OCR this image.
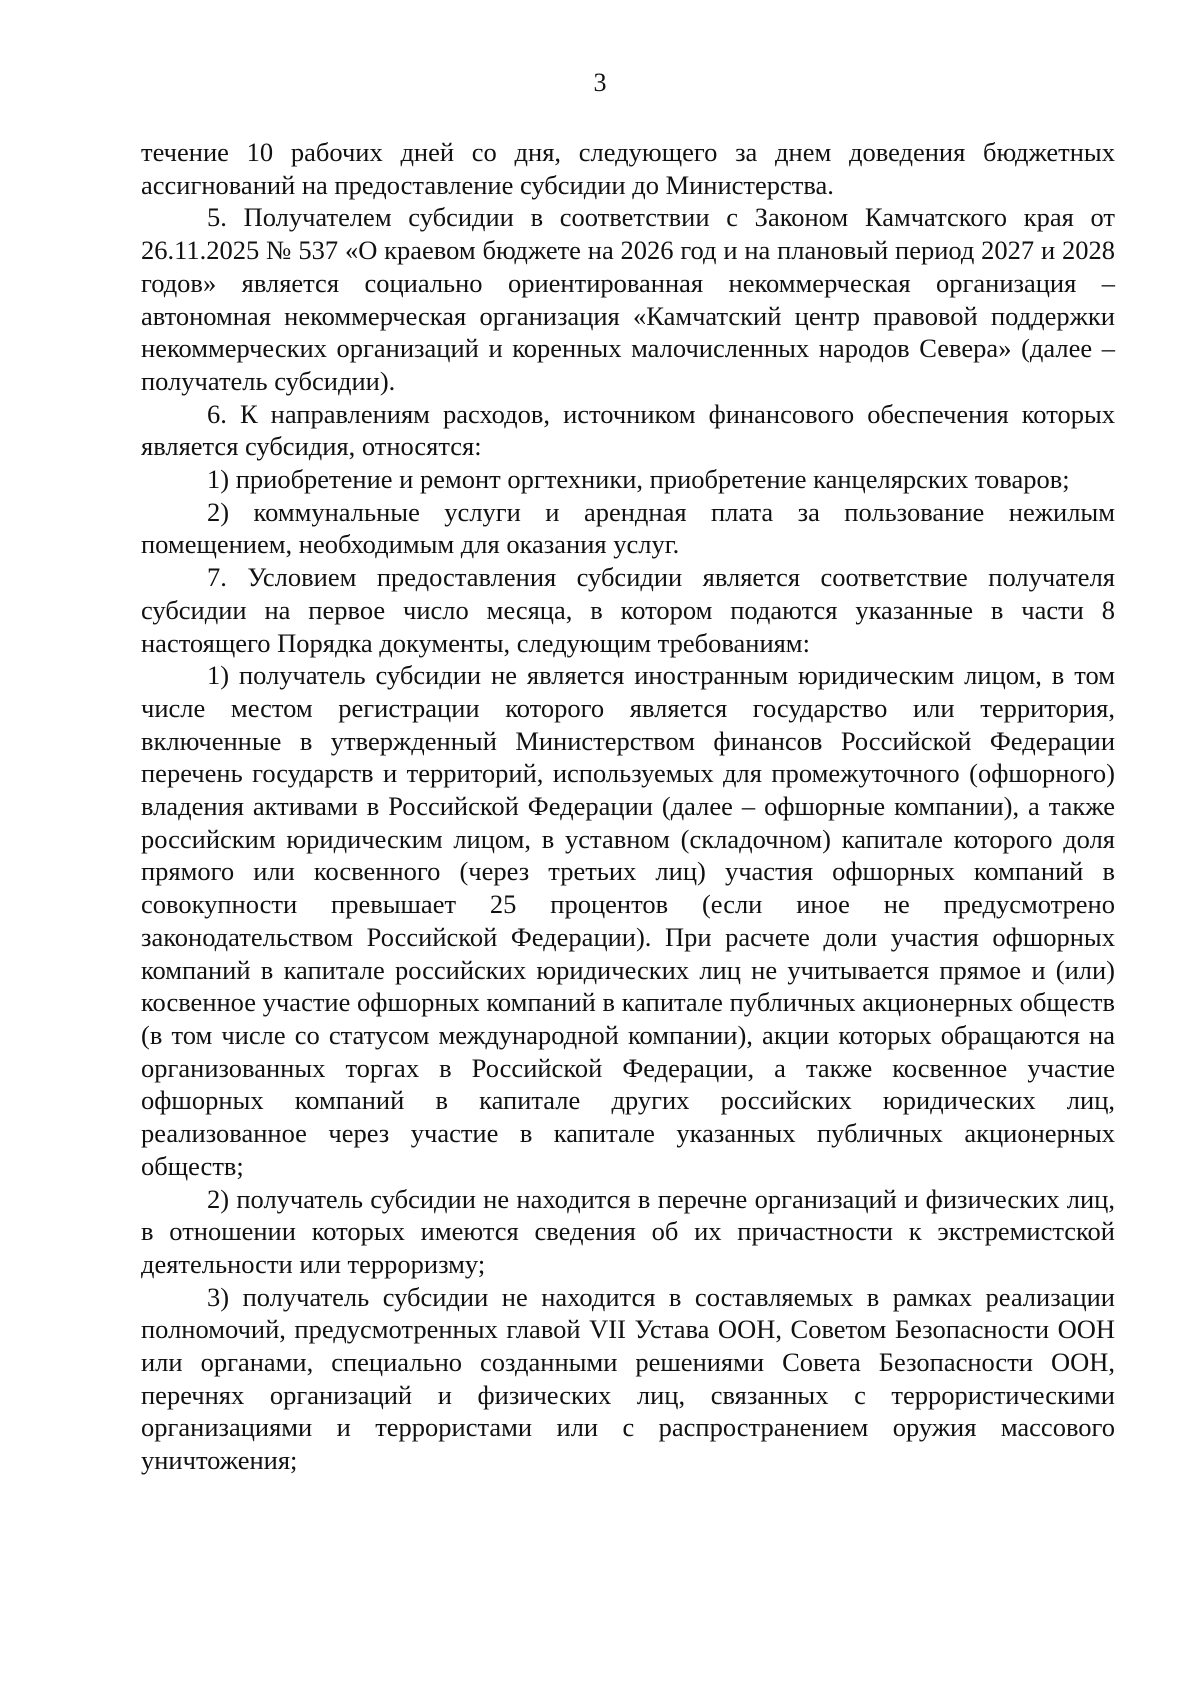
3

течение 10 рабочих дней со дня, следующего за днем доведения бюджетных ассигнований на предоставление субсидии до Министерства.

5. Получателем субсидии в соответствии с Законом Камчатского края от 26.11.2025 № 537 «О краевом бюджете на 2026 год и на плановый период 2027 и 2028 годов» является социально ориентированная некоммерческая организация – автономная некоммерческая организация «Камчатский центр правовой поддержки некоммерческих организаций и коренных малочисленных народов Севера» (далее – получатель субсидии).

6. К направлениям расходов, источником финансового обеспечения которых является субсидия, относятся:

1) приобретение и ремонт оргтехники, приобретение канцелярских товаров;

2) коммунальные услуги и арендная плата за пользование нежилым помещением, необходимым для оказания услуг.

7. Условием предоставления субсидии является соответствие получателя субсидии на первое число месяца, в котором подаются указанные в части 8 настоящего Порядка документы, следующим требованиям:

1) получатель субсидии не является иностранным юридическим лицом, в том числе местом регистрации которого является государство или территория, включенные в утвержденный Министерством финансов Российской Федерации перечень государств и территорий, используемых для промежуточного (офшорного) владения активами в Российской Федерации (далее – офшорные компании), а также российским юридическим лицом, в уставном (складочном) капитале которого доля прямого или косвенного (через третьих лиц) участия офшорных компаний в совокупности превышает 25 процентов (если иное не предусмотрено законодательством Российской Федерации). При расчете доли участия офшорных компаний в капитале российских юридических лиц не учитывается прямое и (или) косвенное участие офшорных компаний в капитале публичных акционерных обществ (в том числе со статусом международной компании), акции которых обращаются на организованных торгах в Российской Федерации, а также косвенное участие офшорных компаний в капитале других российских юридических лиц, реализованное через участие в капитале указанных публичных акционерных обществ;

2) получатель субсидии не находится в перечне организаций и физических лиц, в отношении которых имеются сведения об их причастности к экстремистской деятельности или терроризму;

3) получатель субсидии не находится в составляемых в рамках реализации полномочий, предусмотренных главой VII Устава ООН, Советом Безопасности ООН или органами, специально созданными решениями Совета Безопасности ООН, перечнях организаций и физических лиц, связанных с террористическими организациями и террористами или с распространением оружия массового уничтожения;
